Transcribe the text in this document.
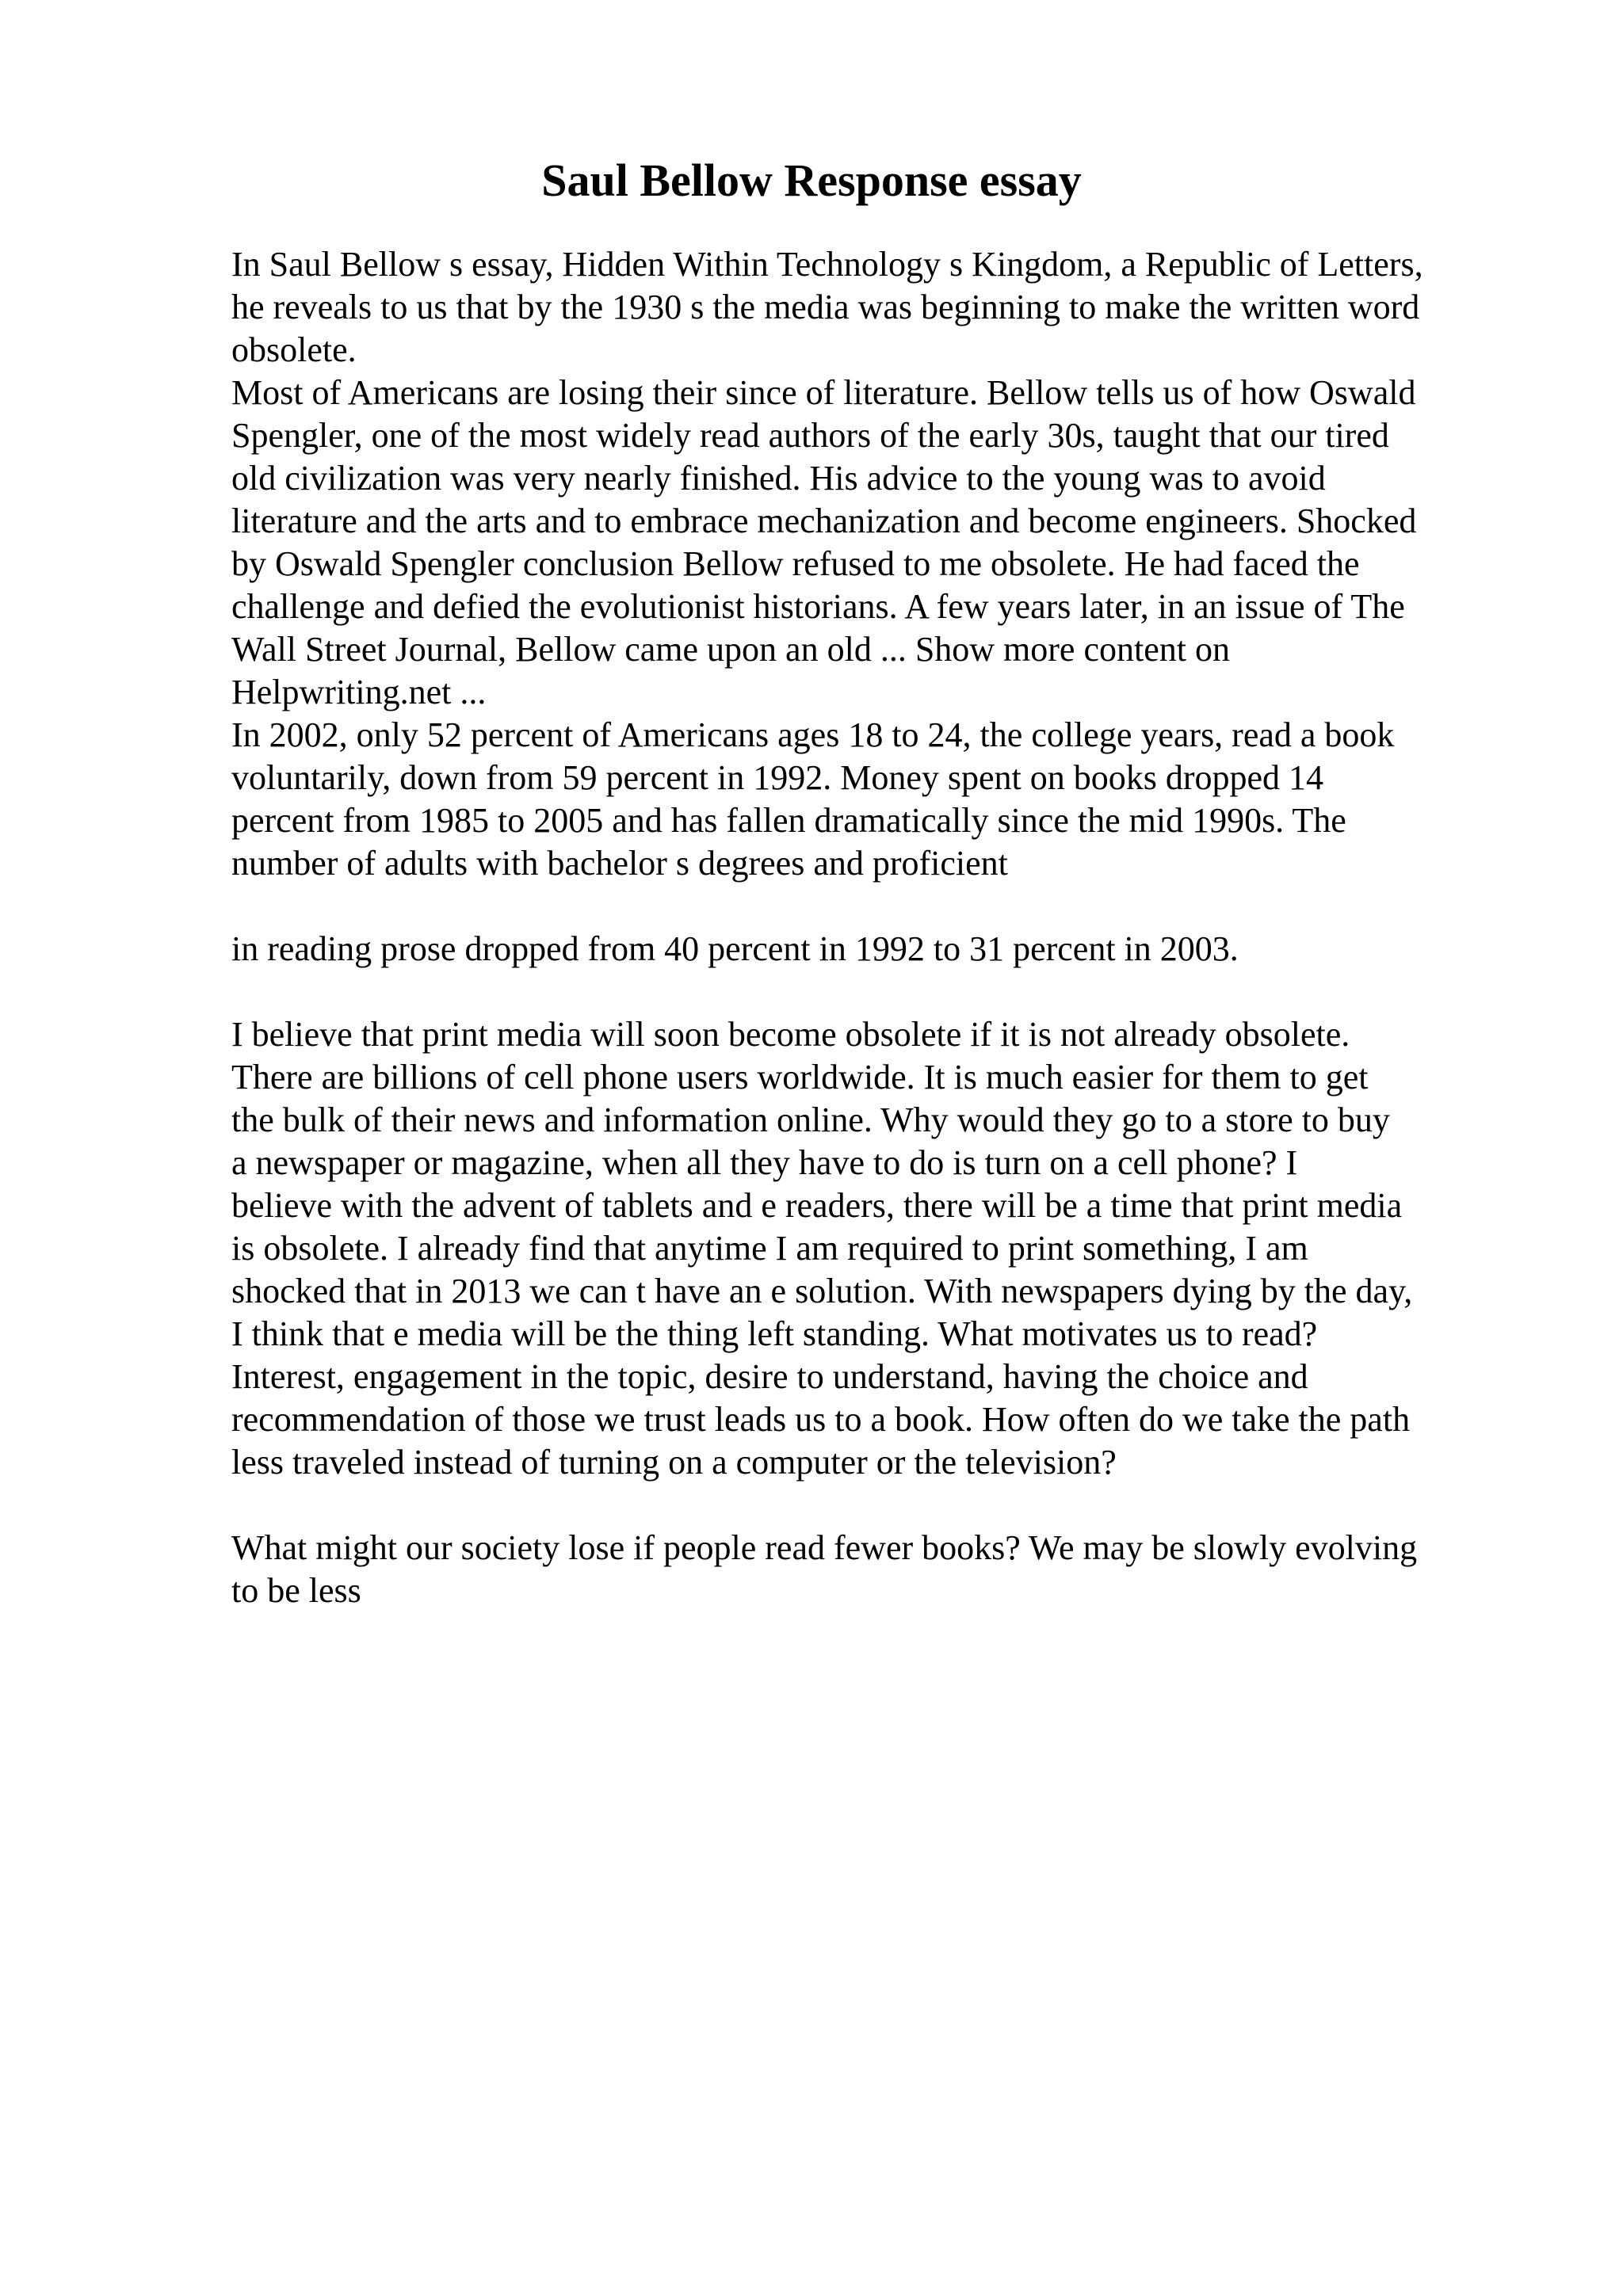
Saul Bellow Response essay

In Saul Bellow s essay, Hidden Within Technology s Kingdom, a Republic of Letters,
he reveals to us that by the 1930 s the media was beginning to make the written word
obsolete.

Most of Americans are losing their since of literature. Bellow tells us of how Oswald
Spengler, one of the most widely read authors of the early 30s, taught that our tired
old civilization was very nearly finished. His advice to the young was to avoid
literature and the arts and to embrace mechanization and become engineers. Shocked
by Oswald Spengler conclusion Bellow refused to me obsolete. He had faced the
challenge and defied the evolutionist historians. A few years later, in an issue of The
Wall Street Journal, Bellow came upon an old ... Show more content on
Helpwriting.net ...

In 2002, only 52 percent of Americans ages 18 to 24, the college years, read a book
voluntarily, down from 59 percent in 1992. Money spent on books dropped 14
percent from 1985 to 2005 and has fallen dramatically since the mid 1990s. The
number of adults with bachelor s degrees and proficient

in reading prose dropped from 40 percent in 1992 to 31 percent in 2003.

I believe that print media will soon become obsolete if it is not already obsolete.
There are billions of cell phone users worldwide. It is much easier for them to get
the bulk of their news and information online. Why would they go to a store to buy
a newspaper or magazine, when all they have to do is turn on a cell phone? I
believe with the advent of tablets and e readers, there will be a time that print media
is obsolete. I already find that anytime I am required to print something, I am
shocked that in 2013 we can t have an e solution. With newspapers dying by the day,
I think that e media will be the thing left standing. What motivates us to read?
Interest, engagement in the topic, desire to understand, having the choice and
recommendation of those we trust leads us to a book. How often do we take the path
less traveled instead of turning on a computer or the television?

What might our society lose if people read fewer books? We may be slowly evolving
to be less
